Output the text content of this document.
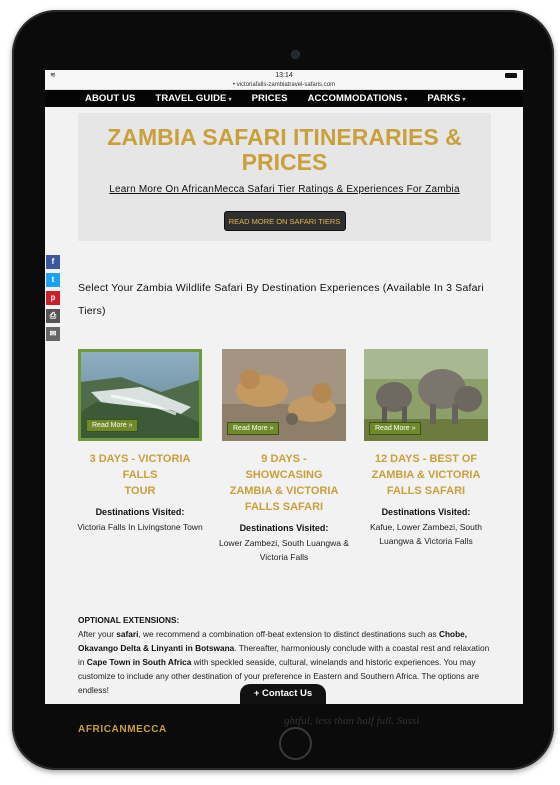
≋	13:14
• victoriafalls-zambiatravel-safaris.com
ABOUT US TRAVEL GUIDE ▾ PRICES ACCOMMODATIONS ▾ PARKS ▾
ZAMBIA SAFARI ITINERARIES & PRICES
Learn More On AfricanMecca Safari Tier Ratings & Experiences For Zambia
READ MORE ON SAFARI TIERS
Select Your Zambia Wildlife Safari By Destination Experiences (Available In 3 Safari Tiers)
Read More »
3 DAYS - VICTORIA FALLS
TOUR
Destinations Visited:
Victoria Falls In Livingstone Town
Read More »
9 DAYS - SHOWCASING ZAMBIA & VICTORIA FALLS SAFARI
Destinations Visited:
Lower Zambezi, South Luangwa & Victoria Falls
Read More »
12 DAYS - BEST OF ZAMBIA & VICTORIA FALLS SAFARI
Destinations Visited:
Kafue, Lower Zambezi, South Luangwa & Victoria Falls
OPTIONAL EXTENSIONS:
After your safari, we recommend a combination off-beat extension to distinct destinations such as Chobe, Okavango Delta & Linyanti in Botswana. Thereafter, harmoniously conclude with a coastal rest and relaxation in Cape Town in South Africa with speckled seaside, cultural, winelands and historic experiences. You may customize to include any other destination of your preference in Eastern and Southern Africa. The options are endless!
AFRICANMECCA
ghtful, less than half full. Sussi
f
t
p
⎙
✉
+ Contact Us
